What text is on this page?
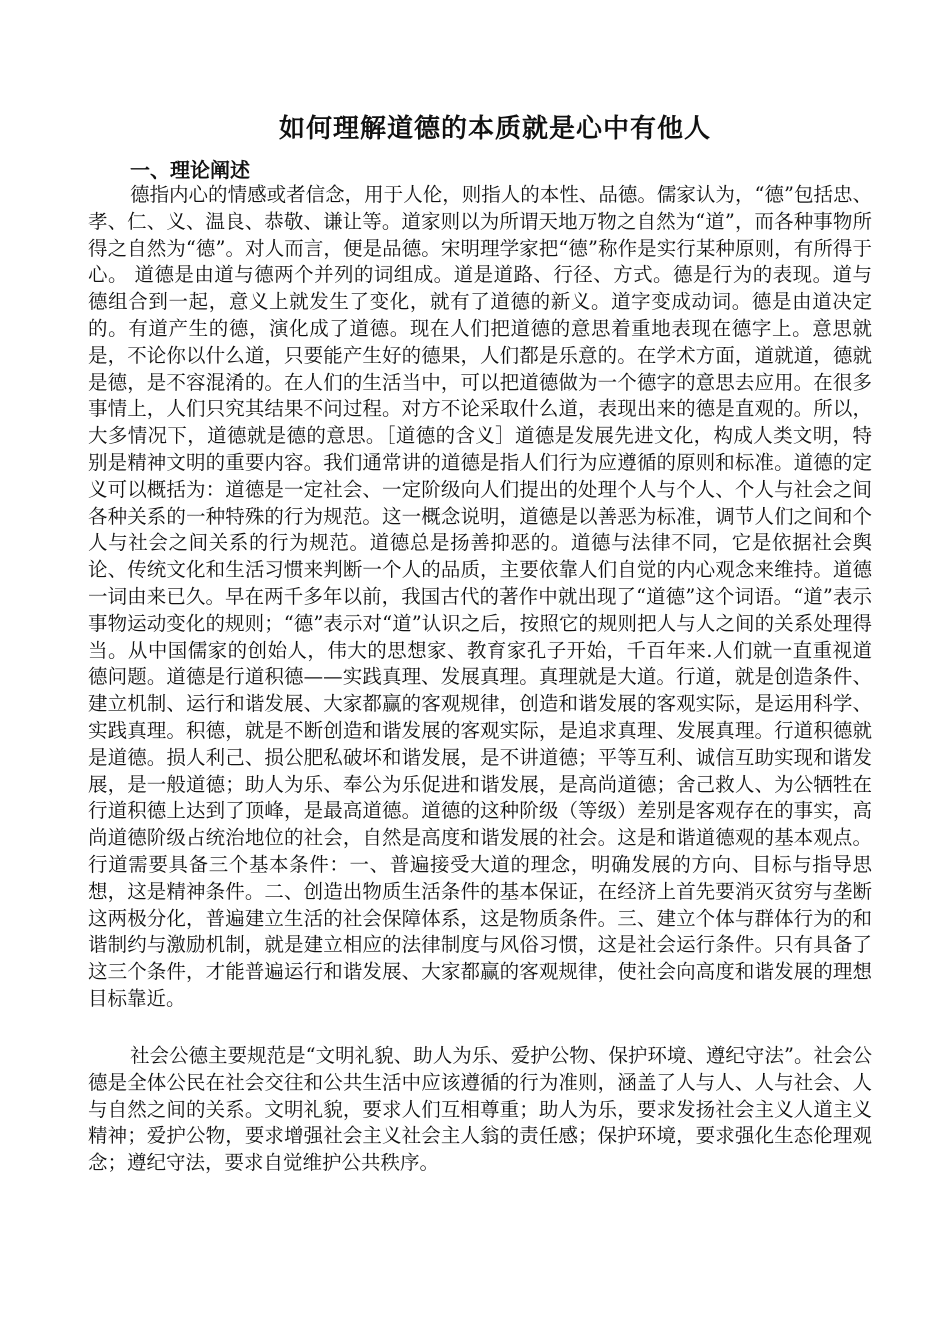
如何理解道德的本质就是心中有他人
一、理论阐述

德指内心的情感或者信念，用于人伦，则指人的本性、品德。儒家认为，“德”包括忠、孝、仁、义、温良、恭敬、谦让等。道家则以为所谓天地万物之自然为“道”，而各种事物所得之自然为“德”。对人而言，便是品德。宋明理学家把“德”称作是实行某种原则，有所得于心。 道德是由道与德两个并列的词组成。道是道路、行径、方式。德是行为的表现。道与德组合到一起，意义上就发生了变化，就有了道德的新义。道字变成动词。德是由道决定的。有道产生的德，演化成了道德。现在人们把道德的意思着重地表现在德字上。意思就是，不论你以什么道，只要能产生好的德果，人们都是乐意的。在学术方面，道就道，德就是德，是不容混淆的。在人们的生活当中，可以把道德做为一个德字的意思去应用。在很多事情上，人们只究其结果不问过程。对方不论采取什么道，表现出来的德是直观的。所以，大多情况下，道德就是德的意思。［道德的含义］道德是发展先进文化，构成人类文明，特别是精神文明的重要内容。我们通常讲的道德是指人们行为应遵循的原则和标准。道德的定义可以概括为：道德是一定社会、一定阶级向人们提出的处理个人与个人、个人与社会之间各种关系的一种特殊的行为规范。这一概念说明，道德是以善恶为标准，调节人们之间和个人与社会之间关系的行为规范。道德总是扬善抑恶的。道德与法律不同，它是依据社会舆论、传统文化和生活习惯来判断一个人的品质，主要依靠人们自觉的内心观念来维持。道德一词由来已久。早在两千多年以前，我国古代的著作中就出现了“道德”这个词语。“道”表示事物运动变化的规则；“德”表示对“道”认识之后，按照它的规则把人与人之间的关系处理得当。从中国儒家的创始人，伟大的思想家、教育家孔子开始，千百年来.人们就一直重视道德问题。道德是行道积德——实践真理、发展真理。真理就是大道。行道，就是创造条件、建立机制、运行和谐发展、大家都赢的客观规律，创造和谐发展的客观实际，是运用科学、实践真理。积德，就是不断创造和谐发展的客观实际，是追求真理、发展真理。行道积德就是道德。损人利己、损公肥私破坏和谐发展，是不讲道德；平等互利、诚信互助实现和谐发展，是一般道德；助人为乐、奉公为乐促进和谐发展，是高尚道德；舍己救人、为公牺牲在行道积德上达到了顶峰，是最高道德。道德的这种阶级（等级）差别是客观存在的事实，高尚道德阶级占统治地位的社会，自然是高度和谐发展的社会。这是和谐道德观的基本观点。行道需要具备三个基本条件：一、普遍接受大道的理念，明确发展的方向、目标与指导思想，这是精神条件。二、创造出物质生活条件的基本保证，在经济上首先要消灭贫穷与垄断这两极分化，普遍建立生活的社会保障体系，这是物质条件。三、建立个体与群体行为的和谐制约与激励机制，就是建立相应的法律制度与风俗习惯，这是社会运行条件。只有具备了这三个条件，才能普遍运行和谐发展、大家都赢的客观规律，使社会向高度和谐发展的理想目标靠近。

社会公德主要规范是“文明礼貌、助人为乐、爱护公物、保护环境、遵纪守法”。社会公德是全体公民在社会交往和公共生活中应该遵循的行为准则，涵盖了人与人、人与社会、人与自然之间的关系。文明礼貌，要求人们互相尊重；助人为乐，要求发扬社会主义人道主义精神；爱护公物，要求增强社会主义社会主人翁的责任感；保护环境，要求强化生态伦理观念；遵纪守法，要求自觉维护公共秩序。
